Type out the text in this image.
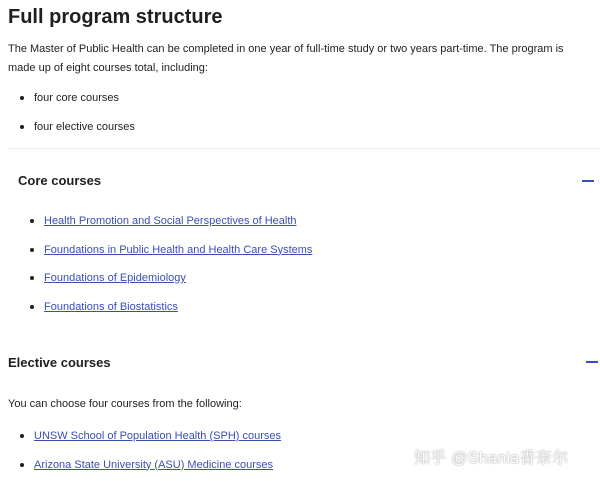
Full program structure

The Master of Public Health can be completed in one year of full-time study or two years part-time. The program is made up of eight courses total, including:

four core courses
four elective courses
Core courses
Health Promotion and Social Perspectives of Health
Foundations in Public Health and Health Care Systems
Foundations of Epidemiology
Foundations of Biostatistics
Elective courses

You can choose four courses from the following:

UNSW School of Population Health (SPH) courses
Arizona State University (ASU) Medicine courses	知乎 @Shania香奈尔
